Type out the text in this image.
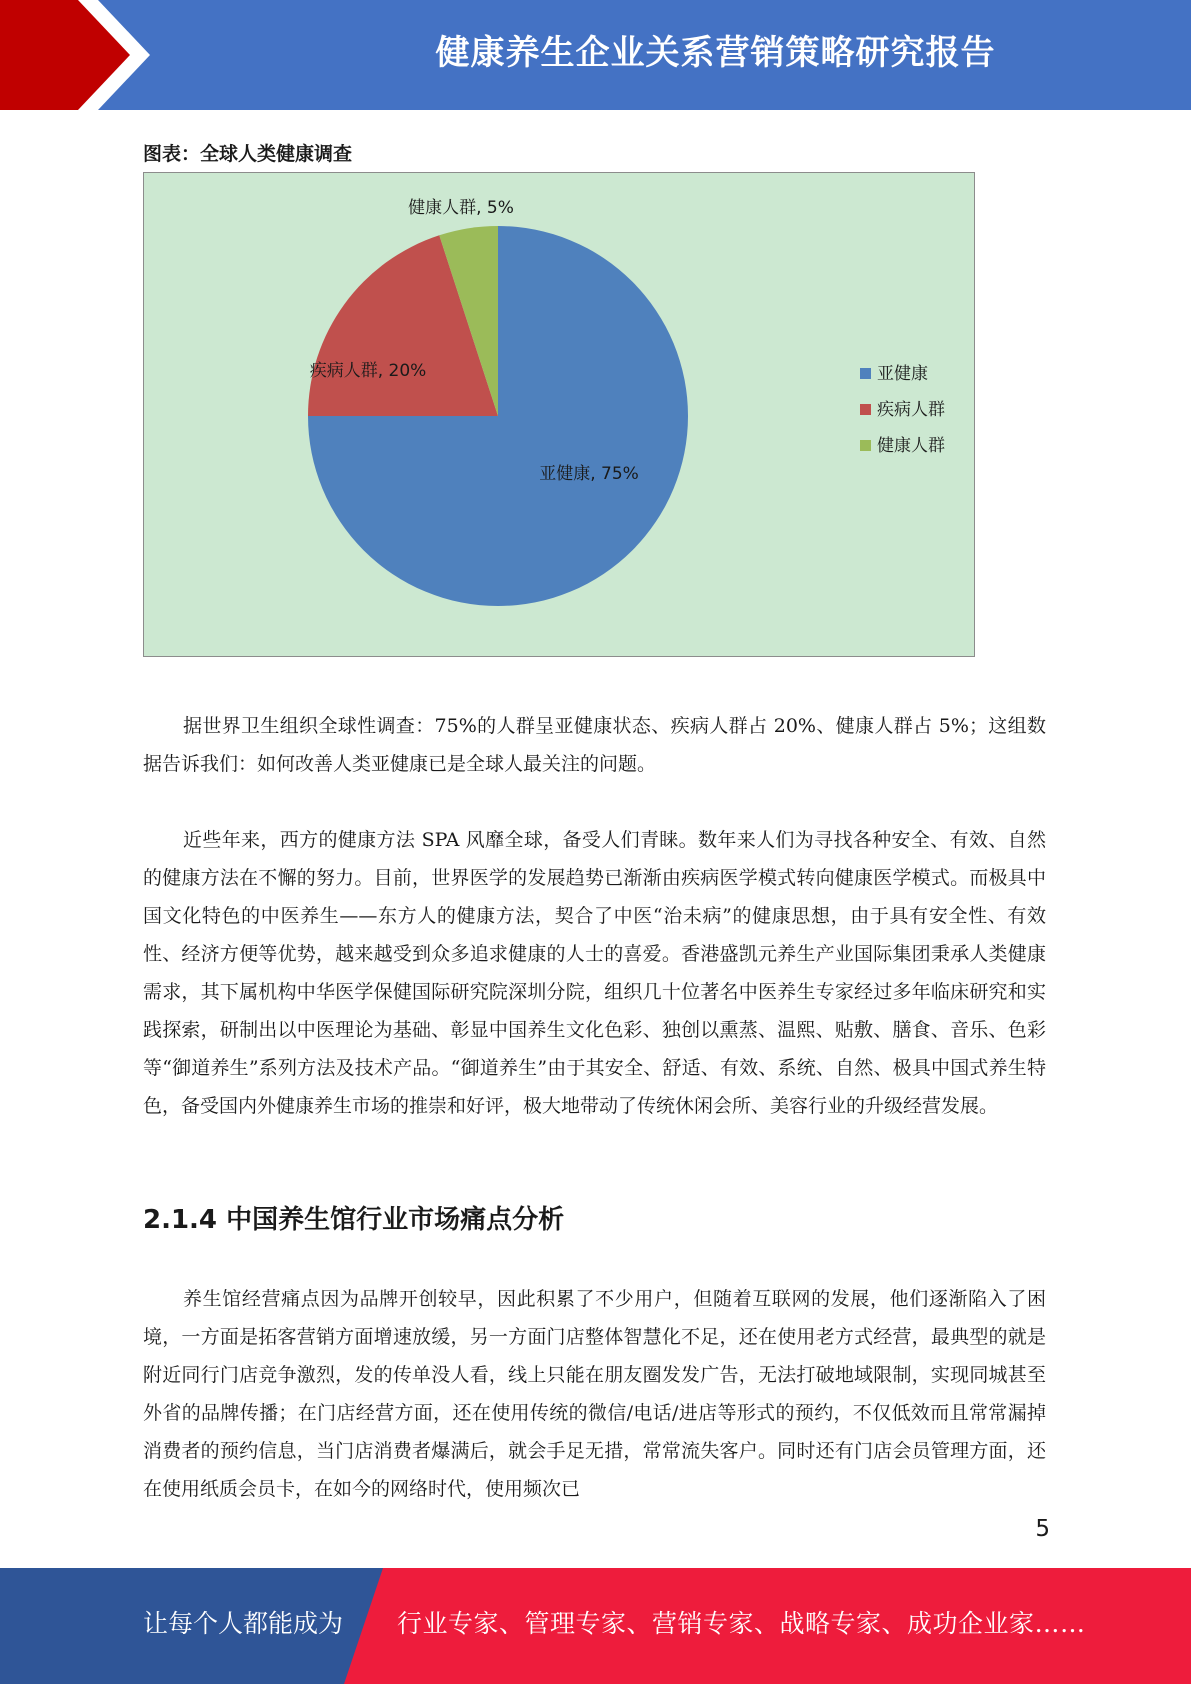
健康养生企业关系营销策略研究报告
图表：全球人类健康调查
亚健康, 75%
疾病人群, 20%
健康人群, 5%
亚健康
疾病人群
健康人群
据世界卫生组织全球性调查：75%的人群呈亚健康状态、疾病人群占 20%、健康人群占 5%；这组数据告诉我们：如何改善人类亚健康已是全球人最关注的问题。
近些年来，西方的健康方法 SPA 风靡全球，备受人们青睐。数年来人们为寻找各种安全、有效、自然的健康方法在不懈的努力。目前，世界医学的发展趋势已渐渐由疾病医学模式转向健康医学模式。而极具中国文化特色的中医养生——东方人的健康方法，契合了中医“治未病”的健康思想，由于具有安全性、有效性、经济方便等优势，越来越受到众多追求健康的人士的喜爱。香港盛凯元养生产业国际集团秉承人类健康需求，其下属机构中华医学保健国际研究院深圳分院，组织几十位著名中医养生专家经过多年临床研究和实践探索，研制出以中医理论为基础、彰显中国养生文化色彩、独创以熏蒸、温熙、贴敷、膳食、音乐、色彩等“御道养生”系列方法及技术产品。“御道养生”由于其安全、舒适、有效、系统、自然、极具中国式养生特色，备受国内外健康养生市场的推崇和好评，极大地带动了传统休闲会所、美容行业的升级经营发展。
2.1.4 中国养生馆行业市场痛点分析
养生馆经营痛点因为品牌开创较早，因此积累了不少用户，但随着互联网的发展，他们逐渐陷入了困境，一方面是拓客营销方面增速放缓，另一方面门店整体智慧化不足，还在使用老方式经营，最典型的就是附近同行门店竞争激烈，发的传单没人看，线上只能在朋友圈发发广告，无法打破地域限制，实现同城甚至外省的品牌传播；在门店经营方面，还在使用传统的微信/电话/进店等形式的预约，不仅低效而且常常漏掉消费者的预约信息，当门店消费者爆满后，就会手足无措，常常流失客户。同时还有门店会员管理方面，还在使用纸质会员卡，在如今的网络时代，使用频次已
5
让每个人都能成为 行业专家、管理专家、营销专家、战略专家、成功企业家……
